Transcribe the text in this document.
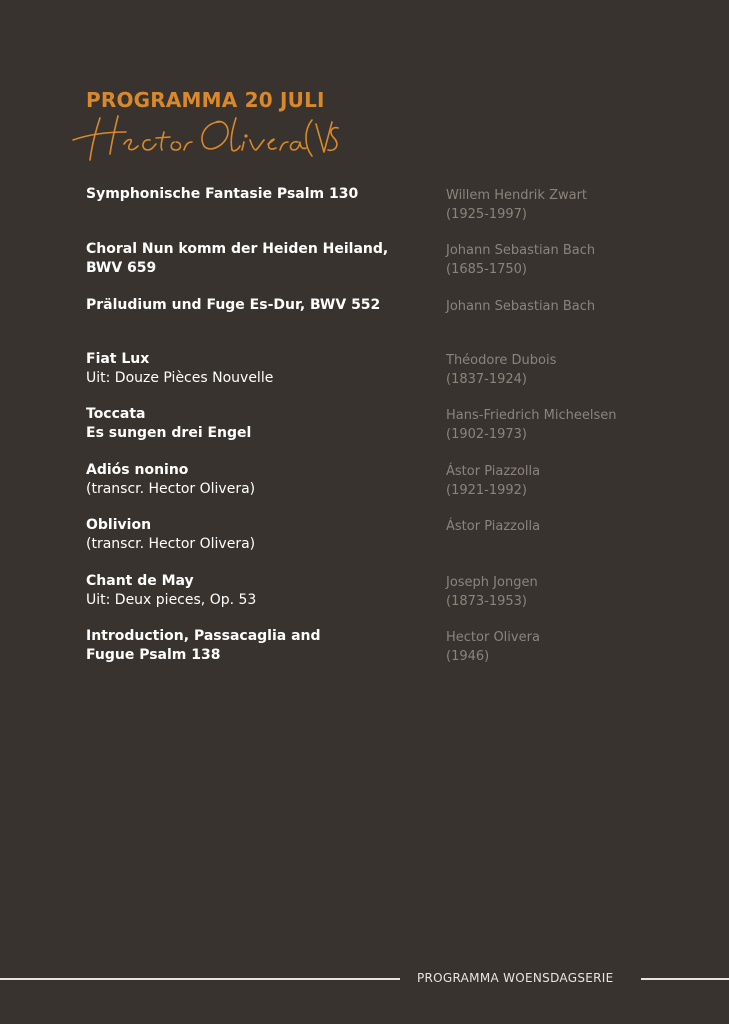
PROGRAMMA 20 JULI
Symphonische Fantasie Psalm 130	Willem Hendrik Zwart
(1925-1997)
Choral Nun komm der Heiden Heiland,
BWV 659
Johann Sebastian Bach
(1685-1750)
Präludium und Fuge Es-Dur, BWV 552	Johann Sebastian Bach
Fiat Lux
Uit: Douze Pièces Nouvelle
Théodore Dubois
(1837-1924)
Toccata
Es sungen drei Engel
Hans-Friedrich Micheelsen
(1902-1973)
Adiós nonino
(transcr. Hector Olivera)
Ástor Piazzolla
(1921-1992)
Oblivion
(transcr. Hector Olivera)
Ástor Piazzolla
Chant de May
Uit: Deux pieces, Op. 53
Joseph Jongen
(1873-1953)
Introduction, Passacaglia and
Fugue Psalm 138
Hector Olivera
(1946)
PROGRAMMA WOENSDAGSERIE
